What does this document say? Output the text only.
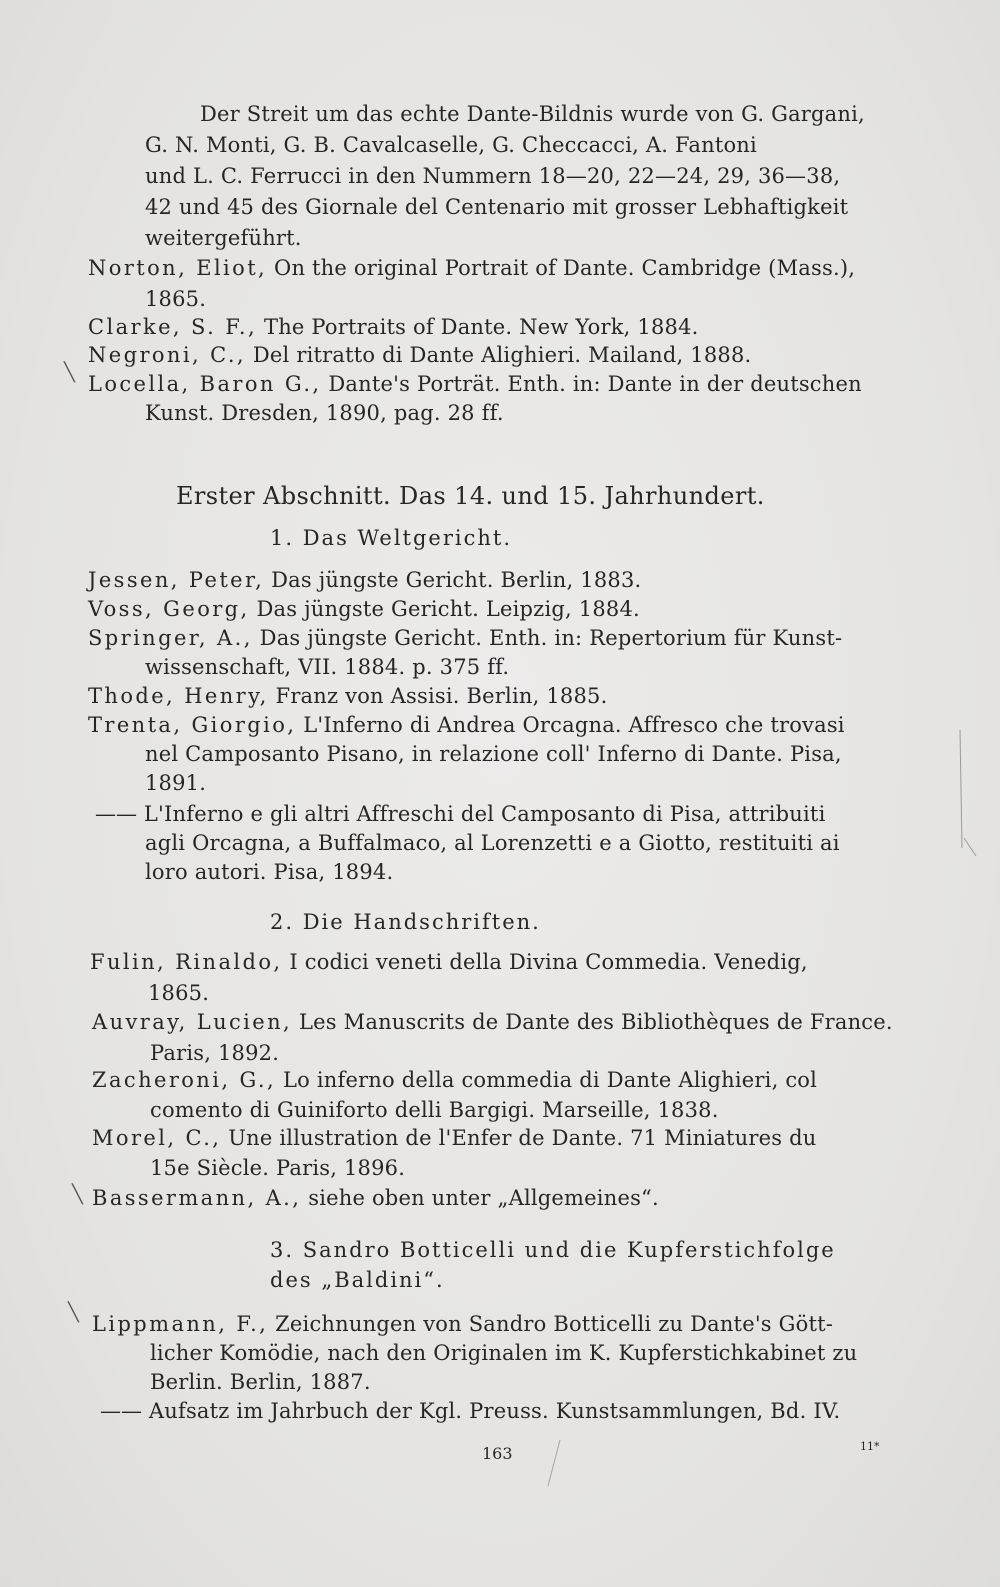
Der Streit um das echte Dante-Bildnis wurde von G. Gargani,
G. N. Monti, G. B. Cavalcaselle, G. Checcacci, A. Fantoni
und L. C. Ferrucci in den Nummern 18—20, 22—24, 29, 36—38,
42 und 45 des Giornale del Centenario mit grosser Lebhaftigkeit
weitergeführt.
Norton, Eliot, On the original Portrait of Dante. Cambridge (Mass.),
1865.
Clarke, S. F., The Portraits of Dante. New York, 1884.
Negroni, C., Del ritratto di Dante Alighieri. Mailand, 1888.
╲ Locella, Baron G., Dante's Porträt. Enth. in: Dante in der deutschen
Kunst. Dresden, 1890, pag. 28 ff.
Erster Abschnitt. Das 14. und 15. Jahrhundert.
1. Das Weltgericht.
Jessen, Peter, Das jüngste Gericht. Berlin, 1883.
Voss, Georg, Das jüngste Gericht. Leipzig, 1884.
Springer, A., Das jüngste Gericht. Enth. in: Repertorium für Kunst-
wissenschaft, VII. 1884. p. 375 ff.
Thode, Henry, Franz von Assisi. Berlin, 1885.
Trenta, Giorgio, L'Inferno di Andrea Orcagna. Affresco che trovasi
nel Camposanto Pisano, in relazione coll' Inferno di Dante. Pisa,
1891.
—— L'Inferno e gli altri Affreschi del Camposanto di Pisa, attribuiti
agli Orcagna, a Buffalmaco, al Lorenzetti e a Giotto, restituiti ai
loro autori. Pisa, 1894.
2. Die Handschriften.
Fulin, Rinaldo, I codici veneti della Divina Commedia. Venedig,
1865.
Auvray, Lucien, Les Manuscrits de Dante des Bibliothèques de France.
Paris, 1892.
Zacheroni, G., Lo inferno della commedia di Dante Alighieri, col
comento di Guiniforto delli Bargigi. Marseille, 1838.
Morel, C., Une illustration de l'Enfer de Dante. 71 Miniatures du
15e Siècle. Paris, 1896.
╲ Bassermann, A., siehe oben unter „Allgemeines“.
3. Sandro Botticelli und die Kupferstichfolge
des „Baldini“.
╲ Lippmann, F., Zeichnungen von Sandro Botticelli zu Dante's Gött-
licher Komödie, nach den Originalen im K. Kupferstichkabinet zu
Berlin. Berlin, 1887.
—— Aufsatz im Jahrbuch der Kgl. Preuss. Kunstsammlungen, Bd. IV.
163	11*
